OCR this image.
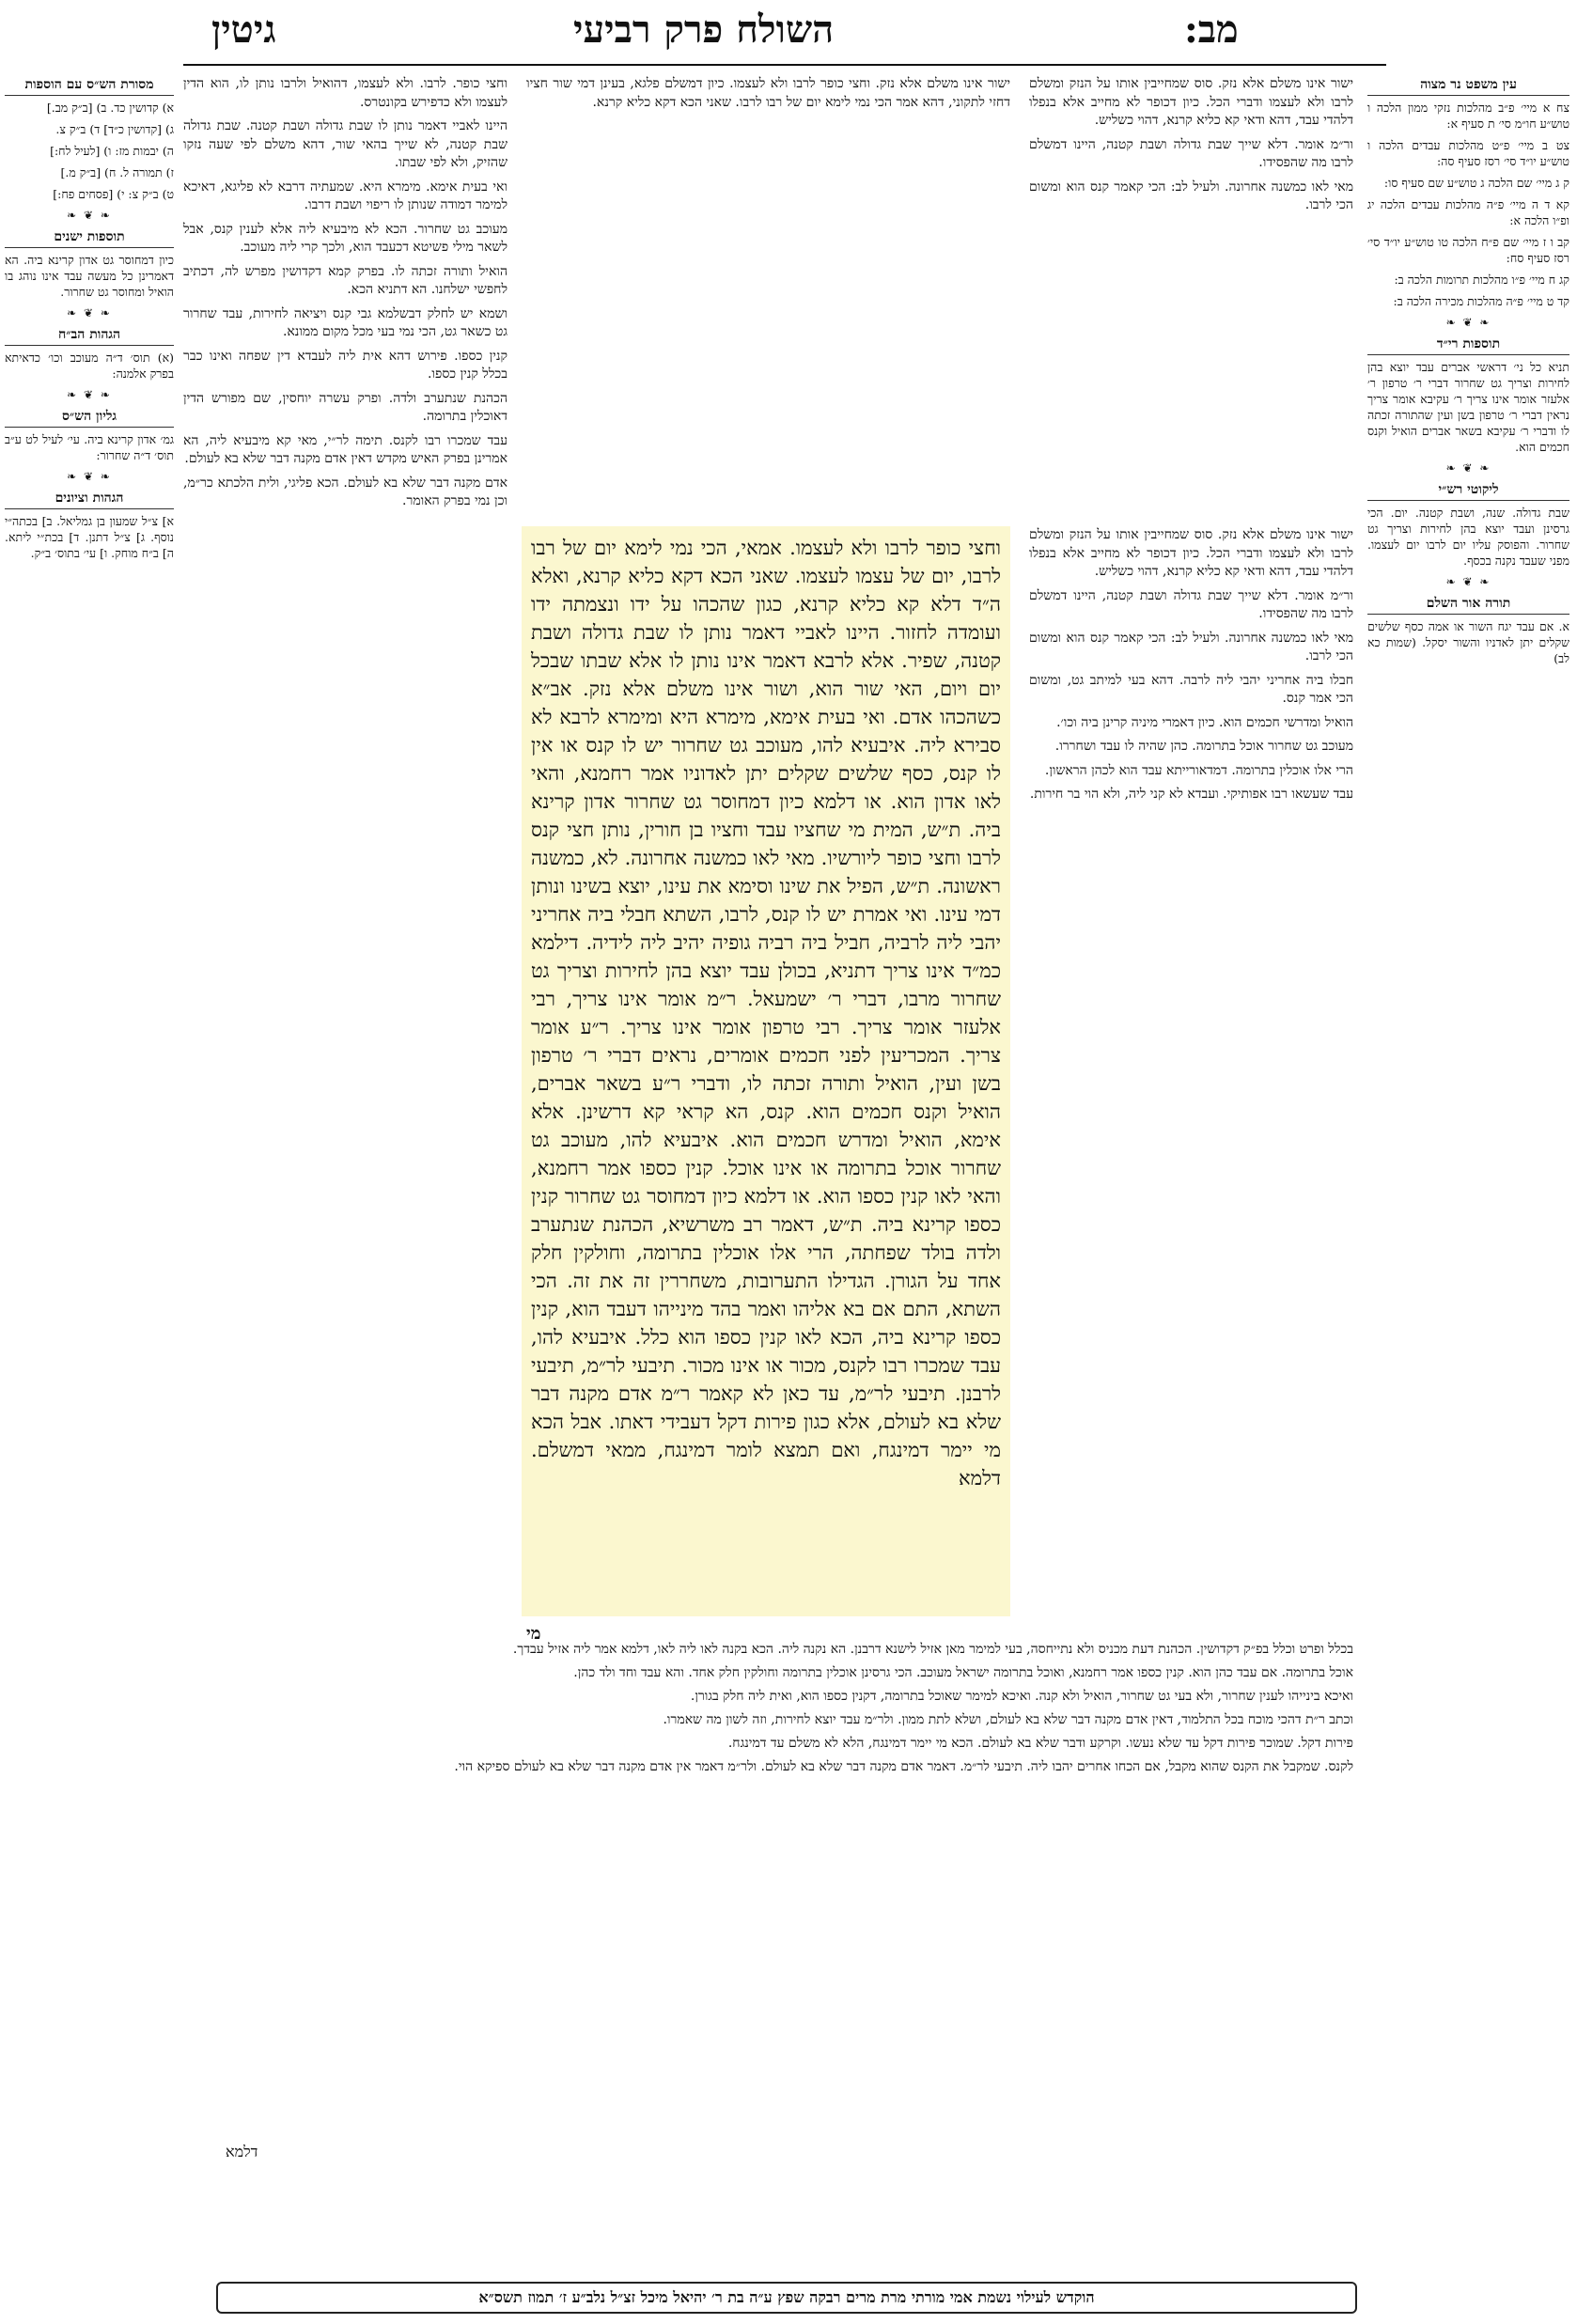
גיטין	השולח פרק רביעי	מב:
עין משפט נר מצוה

צח א מיי׳ פ״ב מהלכות נזקי ממון הלכה ו טוש״ע חו״מ סי׳ ת סעיף א:

צט ב מיי׳ פ״ט מהלכות עבדים הלכה ו טוש״ע יו״ד סי׳ רסז סעיף סה:

ק ג מיי׳ שם הלכה ג טוש״ע שם סעיף סו:

קא ד ה מיי׳ פ״ה מהלכות עבדים הלכה יג ופ״ו הלכה א:

קב ו ז מיי׳ שם פ״ח הלכה טו טוש״ע יו״ד סי׳ רסז סעיף סח:

קג ח מיי׳ פ״ו מהלכות תרומות הלכה ב:

קד ט מיי׳ פ״ה מהלכות מכירה הלכה ב:

❧ ❦ ❧
תוספות רי״ד

תניא כל ני׳ דראשי אברים עבד יוצא בהן לחירות וצריך גט שחרור דברי ר׳ טרפון ר׳ אלעזר אומר אינו צריך ר׳ עקיבא אומר צריך נראין דברי ר׳ טרפון בשן ועין שהתורה זכתה לו ודברי ר׳ עקיבא בשאר אברים הואיל וקנס חכמים הוא.

❧ ❦ ❧
ליקוטי רש״י

שבת גדולה. שנה, ושבת קטנה. יום. הכי גרסינן ועבד יוצא בהן לחירות וצריך גט שחרור. והפוסק עליו יום לרבו יום לעצמו. מפני שעבד נקנה בכסף.

❧ ❦ ❧
תורה אור השלם

א. אם עבד יגח השור או אמה כסף שלשים שקלים יתן לאדניו והשור יסקל. (שמות כא לב)

ישור אינו משלם אלא נזק. וחצי כופר לרבו ולא לעצמו. כיון דמשלם פלגא, בעינן דמי שור חציו דחזי לתקוני, דהא אמר הכי נמי לימא יום של רבו לרבו. שאני הכא דקא כליא קרנא.

ישור אינו משלם אלא נזק. סוס שמחייבין אותו על הנזק ומשלם לרבו ולא לעצמו ודברי הכל. כיון דכופר לא מחייב אלא בנפלו דלהדי עבד, דהא ודאי קא כליא קרנא, דהוי כשליש.

ור״מ אומר. דלא שייך שבת גדולה ושבת קטנה, היינו דמשלם לרבו מה שהפסידו.

מאי לאו כמשנה אחרונה. ולעיל לב: הכי קאמר קנס הוא ומשום הכי לרבו.

חבלו ביה אחריני יהבי ליה לרבה. דהא בעי למיתב גט, ומשום הכי אמר קנס.

הואיל ומדרשי חכמים הוא. כיון דאמרי מיניה קרינן ביה וכו׳.

מעוכב גט שחרור אוכל בתרומה. כהן שהיה לו עבד ושחררו.

הרי אלו אוכלין בתרומה. דמדאורייתא עבד הוא לכהן הראשון.

עבד שעשאו רבו אפותיקי. ועבדא לא קני ליה, ולא הוי בר חירות.

ישור אינו משלם אלא נזק. סוס שמחייבין אותו על הנזק ומשלם לרבו ולא לעצמו ודברי הכל. כיון דכופר לא מחייב אלא בנפלו דלהדי עבד, דהא ודאי קא כליא קרנא, דהוי כשליש.

ור״מ אומר. דלא שייך שבת גדולה ושבת קטנה, היינו דמשלם לרבו מה שהפסידו.

מאי לאו כמשנה אחרונה. ולעיל לב: הכי קאמר קנס הוא ומשום הכי לרבו.

וחצי כופר לרבו ולא לעצמו. אמאי, הכי נמי לימא יום של רבו לרבו, יום של עצמו לעצמו. שאני הכא דקא כליא קרנא, ואלא ה״ד דלא קא כליא קרנא, כגון שהכהו על ידו ונצמתה ידו ועומדה לחזור. היינו לאביי דאמר נותן לו שבת גדולה ושבת קטנה, שפיר. אלא לרבא דאמר אינו נותן לו אלא שבתו שבכל יום ויום, האי שור הוא, ושור אינו משלם אלא נזק. אב״א כשהכהו אדם. ואי בעית אימא, מימרא היא ומימרא לרבא לא סבירא ליה. איבעיא להו, מעוכב גט שחרור יש לו קנס או אין לו קנס, כסף שלשים שקלים יתן לאדוניו אמר רחמנא, והאי לאו אדון הוא. או דלמא כיון דמחוסר גט שחרור אדון קרינא ביה. ת״ש, המית מי שחציו עבד וחציו בן חורין, נותן חצי קנס לרבו וחצי כופר ליורשיו. מאי לאו כמשנה אחרונה. לא, כמשנה ראשונה. ת״ש, הפיל את שינו וסימא את עינו, יוצא בשינו ונותן דמי עינו. ואי אמרת יש לו קנס, לרבו, השתא חבלי ביה אחריני יהבי ליה לרביה, חביל ביה רביה גופיה יהיב ליה לידיה. דילמא כמ״ד אינו צריך דתניא, בכולן עבד יוצא בהן לחירות וצריך גט שחרור מרבו, דברי ר׳ ישמעאל. ר״מ אומר אינו צריך, רבי אלעזר אומר צריך. רבי טרפון אומר אינו צריך. ר״ע אומר צריך. המכריעין לפני חכמים אומרים, נראים דברי ר׳ טרפון בשן ועין, הואיל ותורה זכתה לו, ודברי ר״ע בשאר אברים, הואיל וקנס חכמים הוא. קנס, הא קראי קא דרשינן. אלא אימא, הואיל ומדרש חכמים הוא. איבעיא להו, מעוכב גט שחרור אוכל בתרומה או אינו אוכל. קנין כספו אמר רחמנא, והאי לאו קנין כספו הוא. או דלמא כיון דמחוסר גט שחרור קנין כספו קרינא ביה. ת״ש, דאמר רב משרשיא, הכהנת שנתערב ולדה בולד שפחתה, הרי אלו אוכלין בתרומה, וחולקין חלק אחד על הגורן. הגדילו התערובות, משחררין זה את זה. הכי השתא, התם אם בא אליהו ואמר בהד מינייהו דעבד הוא, קנין כספו קרינא ביה, הכא לאו קנין כספו הוא כלל. איבעיא להו, עבד שמכרו רבו לקנס, מכור או אינו מכור. תיבעי לר״מ, תיבעי לרבנן. תיבעי לר״מ, עד כאן לא קאמר ר״מ אדם מקנה דבר שלא בא לעולם, אלא כגון פירות דקל דעבידי דאתו. אבל הכא מי יימר דמינגח, ואם תמצא לומר דמינגח, ממאי דמשלם. דלמא
מי

וחצי כופר. לרבו. ולא לעצמו, דהואיל ולרבו נותן לו, הוא הדין לעצמו ולא כדפירש בקונטרס.

היינו לאביי דאמר נותן לו שבת גדולה ושבת קטנה. שבת גדולה שבת קטנה, לא שייך בהאי שור, דהא משלם לפי שעה נזקו שהזיק, ולא לפי שבתו.

ואי בעית אימא. מימרא היא. שמעתיה דרבא לא פליגא, דאיכא למימר דמודה שנותן לו ריפוי ושבת דרבו.

מעוכב גט שחרור. הכא לא מיבעיא ליה אלא לענין קנס, אבל לשאר מילי פשיטא דכעבד הוא, ולכך קרי ליה מעוכב.

הואיל ותורה זכתה לו. בפרק קמא דקדושין מפרש לה, דכתיב לחפשי ישלחנו. הא דתניא הכא.

ושמא יש לחלק דבשלמא גבי קנס ויציאה לחירות, עבד שחרור גט כשאר גט, הכי נמי בעי מכל מקום ממונא.

קנין כספו. פירוש דהא אית ליה לעבדא דין שפחה ואינו כבר בכלל קנין כספו.

הכהנת שנתערב ולדה. ופרק עשרה יוחסין, שם מפורש הדין דאוכלין בתרומה.

עבד שמכרו רבו לקנס. תימה לר״י, מאי קא מיבעיא ליה, הא אמרינן בפרק האיש מקדש דאין אדם מקנה דבר שלא בא לעולם.

אדם מקנה דבר שלא בא לעולם. הכא פליגי, ולית הלכתא כר״מ, וכן נמי בפרק האומר.

מסורת הש״ס עם הוספות

א) קדושין כד. ב) [ב״ק מב.]

ג) [קדושין כ״ד] ד) ב״ק צ.

ה) יבמות מז: ו) [לעיל לח:]

ז) תמורה ל. ח) [ב״ק מ.]

ט) ב״ק צ: י) [פסחים פח:]

❧ ❦ ❧
תוספות ישנים

כיון דמחוסר גט אדון קרינא ביה. הא דאמרינן כל מעשה עבד אינו נוהג בו הואיל ומחוסר גט שחרור.

❧ ❦ ❧
הגהות הב״ח

(א) תוס׳ ד״ה מעוכב וכו׳ כדאיתא בפרק אלמנה:

❧ ❦ ❧
גליון הש״ס

גמ׳ אדון קרינא ביה. עי׳ לעיל לט ע״ב תוס׳ ד״ה שחרור:

❧ ❦ ❧
הגהות וציונים

א] צ״ל שמעון בן גמליאל. ב] בכתה״י נוסף. ג] צ״ל דתנן. ד] בכת״י ליתא. ה] ב״ח מוחק. ו] עי׳ בתוס׳ ב״ק.

בכלל ופרט וכלל בפ״ק דקדושין. הכהנת דעת מכניס ולא נתייחסה, בעי למימר מאן אזיל לישנא דרבנן. הא נקנה ליה. הכא בקנה לאו ליה לאו, דלמא אמר ליה אזיל עבדך.

אוכל בתרומה. אם עבד כהן הוא. קנין כספו אמר רחמנא, ואוכל בתרומה ישראל מעוכב. הכי גרסינן אוכלין בתרומה וחולקין חלק אחד. והא עבד וחד ולד כהן.

ואיכא בינייהו לענין שחרור, ולא בעי גט שחרור, הואיל ולא קנה. ואיכא למימר שאוכל בתרומה, דקנין כספו הוא, ואית ליה חלק בגורן.

וכתב ר״ת דהכי מוכח בכל התלמוד, דאין אדם מקנה דבר שלא בא לעולם, ושלא לתת ממון. ולר״מ עבד יוצא לחירות, וזה לשון מה שאמרו.

פירות דקל. שמוכר פירות דקל עד שלא נעשו. וקרקע ודבר שלא בא לעולם. הכא מי יימר דמינגח, הלא לא משלם עד דמינגח.

לקנס. שמקבל את הקנס שהוא מקבל, אם הכחו אחרים יהבו ליה. תיבעי לר״מ. דאמר אדם מקנה דבר שלא בא לעולם. ולר״מ דאמר אין אדם מקנה דבר שלא בא לעולם ספיקא הוי.

דלמא
הוקדש לעילוי נשמת אמי מורתי מרת מרים רבקה שפץ ע״ה בת ר׳ יהיאל מיכל זצ״ל נלב״ע ז׳ תמוז תשס״א
